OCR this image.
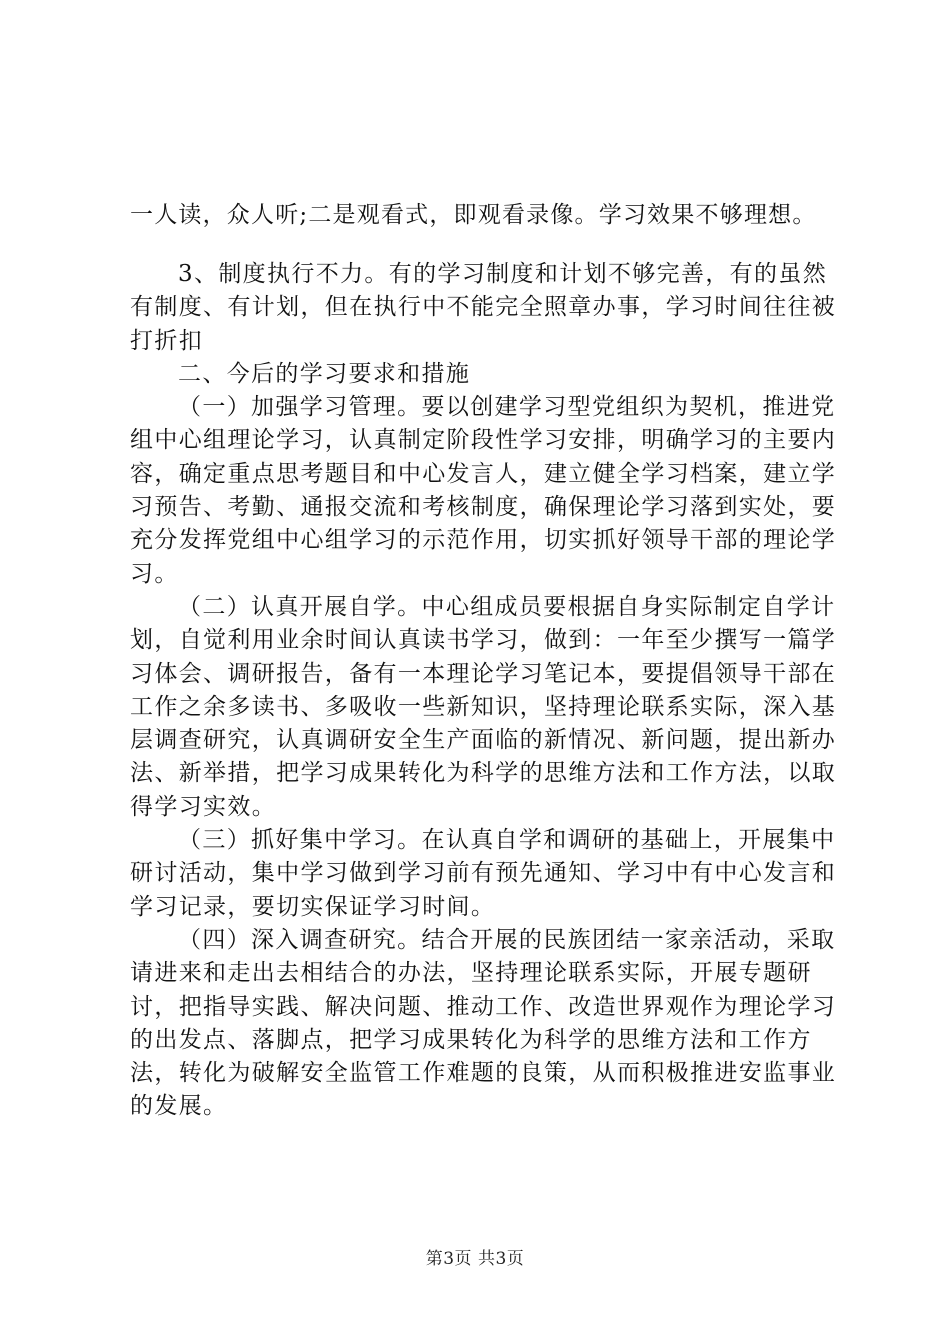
一人读，众人听;二是观看式，即观看录像。学习效果不够理想。

3、制度执行不力。有的学习制度和计划不够完善，有的虽然有制度、有计划，但在执行中不能完全照章办事，学习时间往往被打折扣

二、今后的学习要求和措施

（一）加强学习管理。要以创建学习型党组织为契机，推进党组中心组理论学习，认真制定阶段性学习安排，明确学习的主要内容，确定重点思考题目和中心发言人，建立健全学习档案，建立学习预告、考勤、通报交流和考核制度，确保理论学习落到实处，要充分发挥党组中心组学习的示范作用，切实抓好领导干部的理论学习。

（二）认真开展自学。中心组成员要根据自身实际制定自学计划，自觉利用业余时间认真读书学习，做到：一年至少撰写一篇学习体会、调研报告，备有一本理论学习笔记本，要提倡领导干部在工作之余多读书、多吸收一些新知识，坚持理论联系实际，深入基层调查研究，认真调研安全生产面临的新情况、新问题，提出新办法、新举措，把学习成果转化为科学的思维方法和工作方法，以取得学习实效。

（三）抓好集中学习。在认真自学和调研的基础上，开展集中研讨活动，集中学习做到学习前有预先通知、学习中有中心发言和学习记录，要切实保证学习时间。

（四）深入调查研究。结合开展的民族团结一家亲活动，采取请进来和走出去相结合的办法，坚持理论联系实际，开展专题研讨，把指导实践、解决问题、推动工作、改造世界观作为理论学习的出发点、落脚点，把学习成果转化为科学的思维方法和工作方法，转化为破解安全监管工作难题的良策，从而积极推进安监事业的发展。

第3页 共3页
